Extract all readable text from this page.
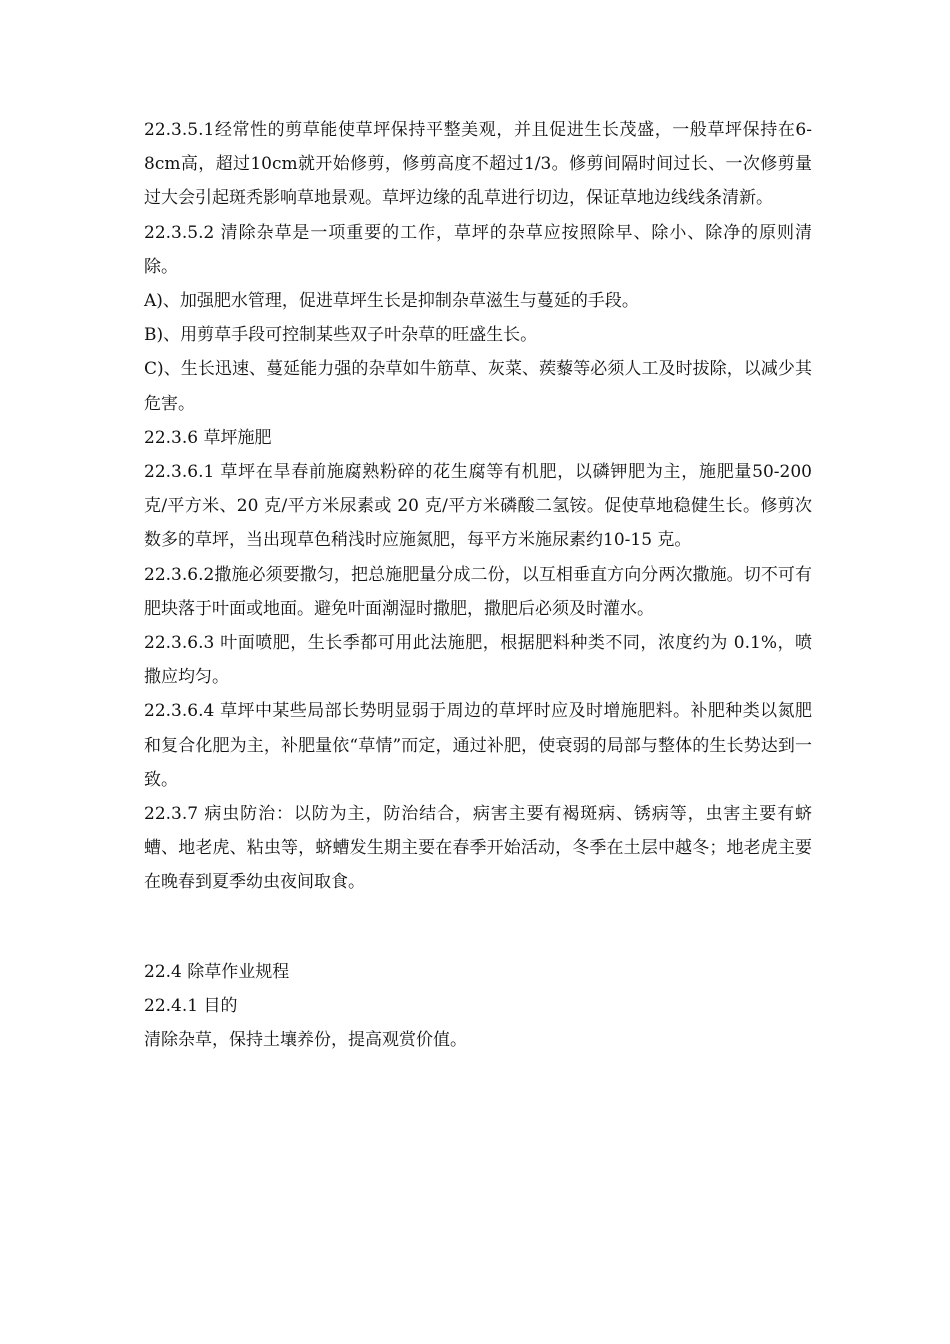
22.3.5.1经常性的剪草能使草坪保持平整美观，并且促进生长茂盛，一般草坪保持在6-8cm高，超过10cm就开始修剪，修剪高度不超过1/3。修剪间隔时间过长、一次修剪量过大会引起斑秃影响草地景观。草坪边缘的乱草进行切边，保证草地边线线条清新。

22.3.5.2 清除杂草是一项重要的工作，草坪的杂草应按照除早、除小、除净的原则清除。

A)、加强肥水管理，促进草坪生长是抑制杂草滋生与蔓延的手段。

B)、用剪草手段可控制某些双子叶杂草的旺盛生长。

C)、生长迅速、蔓延能力强的杂草如牛筋草、灰菜、蒺藜等必须人工及时拔除，以减少其危害。

22.3.6 草坪施肥

22.3.6.1 草坪在旱春前施腐熟粉碎的花生腐等有机肥，以磷钾肥为主，施肥量50-200 克/平方米、20 克/平方米尿素或 20 克/平方米磷酸二氢铵。促使草地稳健生长。修剪次数多的草坪，当出现草色稍浅时应施氮肥，每平方米施尿素约10-15 克。

22.3.6.2撒施必须要撒匀，把总施肥量分成二份，以互相垂直方向分两次撒施。切不可有肥块落于叶面或地面。避免叶面潮湿时撒肥，撒肥后必须及时灌水。

22.3.6.3 叶面喷肥，生长季都可用此法施肥，根据肥料种类不同，浓度约为 0.1%，喷撒应均匀。

22.3.6.4 草坪中某些局部长势明显弱于周边的草坪时应及时增施肥料。补肥种类以氮肥和复合化肥为主，补肥量依“草情”而定，通过补肥，使衰弱的局部与整体的生长势达到一致。

22.3.7 病虫防治：以防为主，防治结合，病害主要有褐斑病、锈病等，虫害主要有蛴螬、地老虎、粘虫等，蛴螬发生期主要在春季开始活动，冬季在土层中越冬；地老虎主要在晚春到夏季幼虫夜间取食。

22.4 除草作业规程

22.4.1 目的

清除杂草，保持土壤养份，提高观赏价值。
